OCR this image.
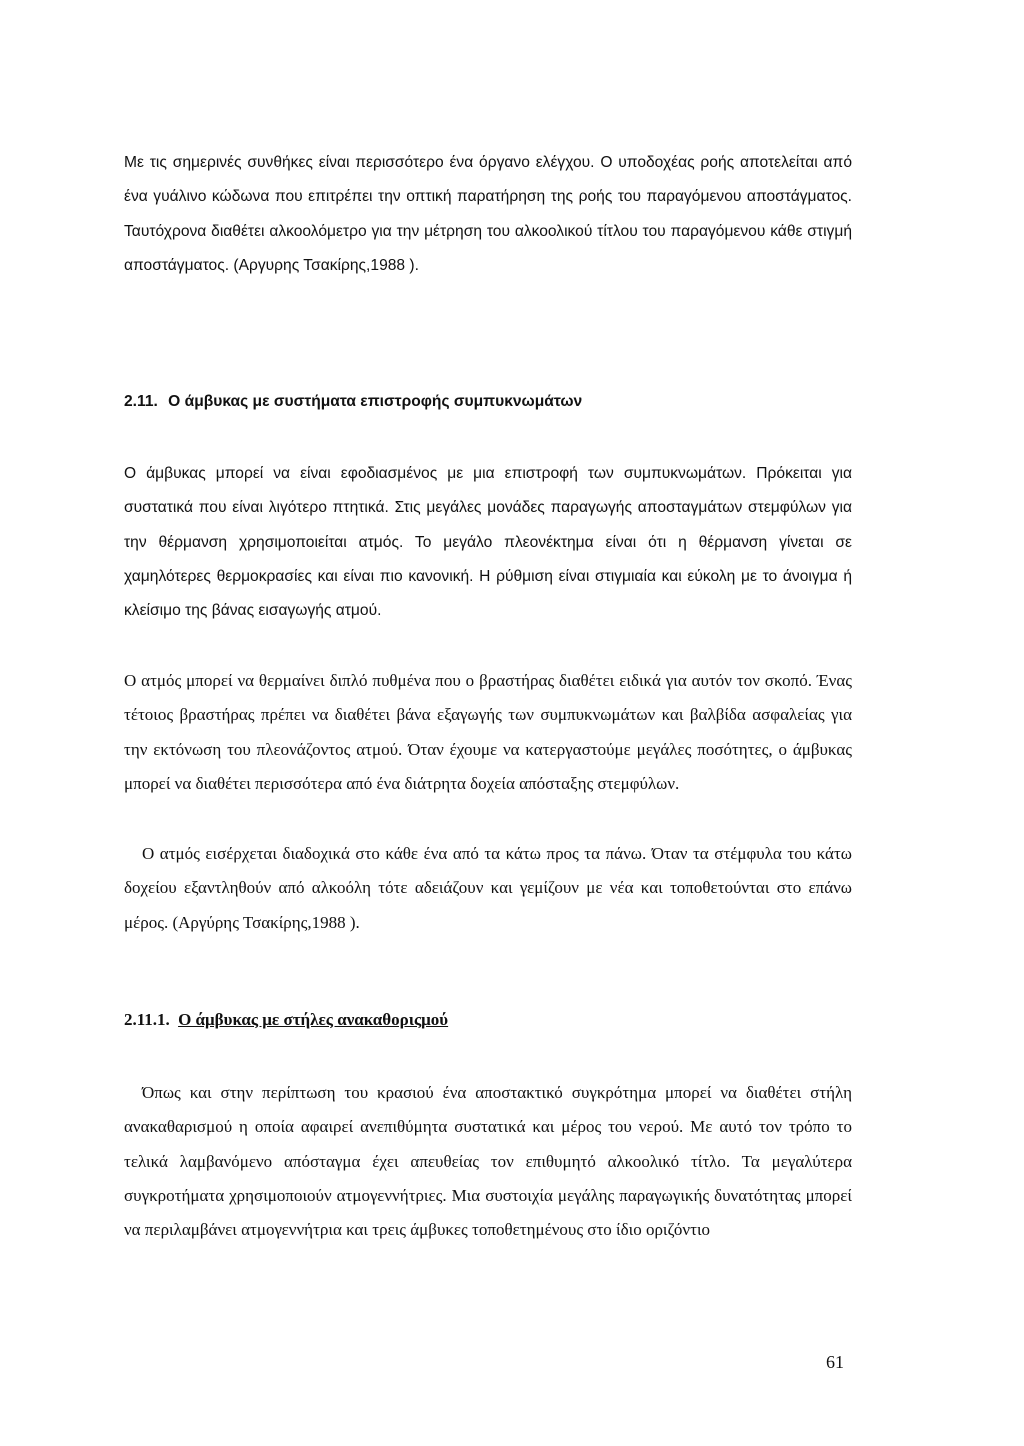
Με τις σημερινές συνθήκες είναι περισσότερο ένα όργανο ελέγχου. Ο υποδοχέας ροής αποτελείται από ένα γυάλινο κώδωνα που επιτρέπει την οπτική παρατήρηση της ροής του παραγόμενου αποστάγματος. Ταυτόχρονα διαθέτει αλκοολόμετρο για την μέτρηση του αλκοολικού τίτλου του παραγόμενου κάθε στιγμή αποστάγματος. (Αργυρης Τσακίρης,1988 ).

2.11. Ο άμβυκας με συστήματα επιστροφής συμπυκνωμάτων

Ο άμβυκας μπορεί να είναι εφοδιασμένος με μια επιστροφή των συμπυκνωμάτων. Πρόκειται για συστατικά που είναι λιγότερο πτητικά. Στις μεγάλες μονάδες παραγωγής αποσταγμάτων στεμφύλων για την θέρμανση χρησιμοποιείται ατμός. Το μεγάλο πλεονέκτημα είναι ότι η θέρμανση γίνεται σε χαμηλότερες θερμοκρασίες και είναι πιο κανονική. Η ρύθμιση είναι στιγμιαία και εύκολη με το άνοιγμα ή κλείσιμο της βάνας εισαγωγής ατμού.

Ο ατμός μπορεί να θερμαίνει διπλό πυθμένα που ο βραστήρας διαθέτει ειδικά για αυτόν τον σκοπό. Ένας τέτοιος βραστήρας πρέπει να διαθέτει βάνα εξαγωγής των συμπυκνωμάτων και βαλβίδα ασφαλείας για την εκτόνωση του πλεονάζοντος ατμού. Όταν έχουμε να κατεργαστούμε μεγάλες ποσότητες, ο άμβυκας μπορεί να διαθέτει περισσότερα από ένα διάτρητα δοχεία απόσταξης στεμφύλων.

Ο ατμός εισέρχεται διαδοχικά στο κάθε ένα από τα κάτω προς τα πάνω. Όταν τα στέμφυλα του κάτω δοχείου εξαντληθούν από αλκοόλη τότε αδειάζουν και γεμίζουν με νέα και τοποθετούνται στο επάνω μέρος. (Αργύρης Τσακίρης,1988 ).

2.11.1. Ο άμβυκας με στήλες ανακαθοριςμού

Όπως και στην περίπτωση του κρασιού ένα αποστακτικό συγκρότημα μπορεί να διαθέτει στήλη ανακαθαρισμού η οποία αφαιρεί ανεπιθύμητα συστατικά και μέρος του νερού. Με αυτό τον τρόπο το τελικά λαμβανόμενο απόσταγμα έχει απευθείας τον επιθυμητό αλκοολικό τίτλο. Τα μεγαλύτερα συγκροτήματα χρησιμοποιούν ατμογεννήτριες. Μια συστοιχία μεγάλης παραγωγικής δυνατότητας μπορεί να περιλαμβάνει ατμογεννήτρια και τρεις άμβυκες τοποθετημένους στο ίδιο οριζόντιο

61
